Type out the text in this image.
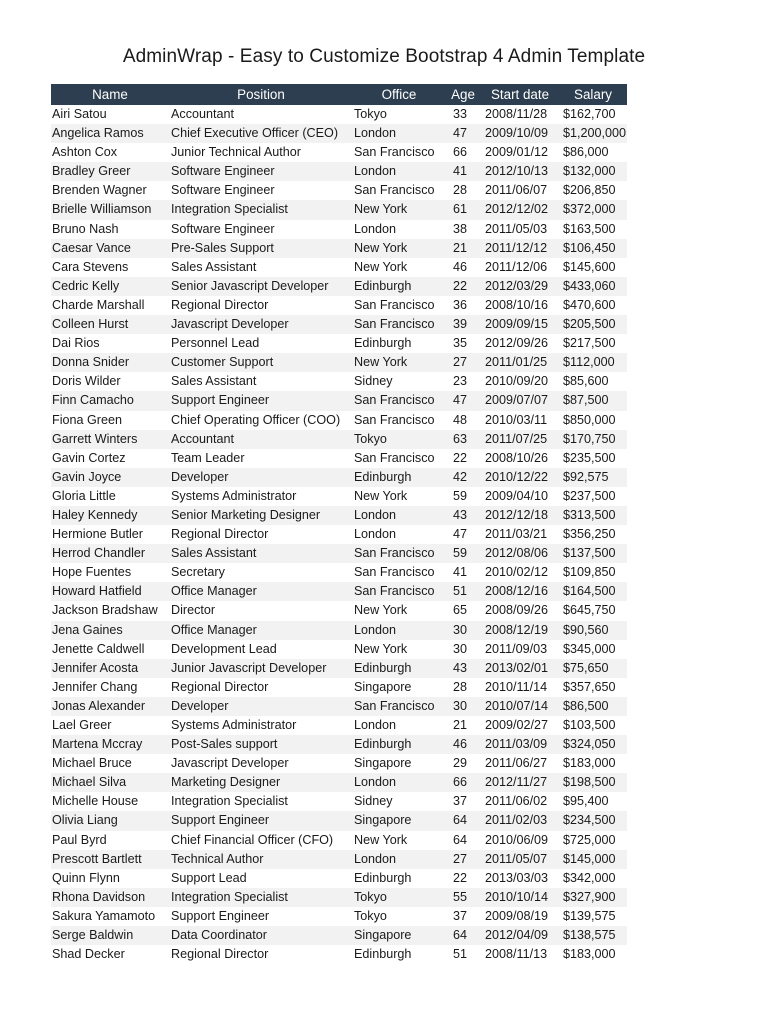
AdminWrap - Easy to Customize Bootstrap 4 Admin Template
Name	Position	Office	Age	Start date	Salary
Airi Satou	Accountant	Tokyo	33	2008/11/28	$162,700
Angelica Ramos	Chief Executive Officer (CEO)	London	47	2009/10/09	$1,200,000
Ashton Cox	Junior Technical Author	San Francisco	66	2009/01/12	$86,000
Bradley Greer	Software Engineer	London	41	2012/10/13	$132,000
Brenden Wagner	Software Engineer	San Francisco	28	2011/06/07	$206,850
Brielle Williamson	Integration Specialist	New York	61	2012/12/02	$372,000
Bruno Nash	Software Engineer	London	38	2011/05/03	$163,500
Caesar Vance	Pre-Sales Support	New York	21	2011/12/12	$106,450
Cara Stevens	Sales Assistant	New York	46	2011/12/06	$145,600
Cedric Kelly	Senior Javascript Developer	Edinburgh	22	2012/03/29	$433,060
Charde Marshall	Regional Director	San Francisco	36	2008/10/16	$470,600
Colleen Hurst	Javascript Developer	San Francisco	39	2009/09/15	$205,500
Dai Rios	Personnel Lead	Edinburgh	35	2012/09/26	$217,500
Donna Snider	Customer Support	New York	27	2011/01/25	$112,000
Doris Wilder	Sales Assistant	Sidney	23	2010/09/20	$85,600
Finn Camacho	Support Engineer	San Francisco	47	2009/07/07	$87,500
Fiona Green	Chief Operating Officer (COO)	San Francisco	48	2010/03/11	$850,000
Garrett Winters	Accountant	Tokyo	63	2011/07/25	$170,750
Gavin Cortez	Team Leader	San Francisco	22	2008/10/26	$235,500
Gavin Joyce	Developer	Edinburgh	42	2010/12/22	$92,575
Gloria Little	Systems Administrator	New York	59	2009/04/10	$237,500
Haley Kennedy	Senior Marketing Designer	London	43	2012/12/18	$313,500
Hermione Butler	Regional Director	London	47	2011/03/21	$356,250
Herrod Chandler	Sales Assistant	San Francisco	59	2012/08/06	$137,500
Hope Fuentes	Secretary	San Francisco	41	2010/02/12	$109,850
Howard Hatfield	Office Manager	San Francisco	51	2008/12/16	$164,500
Jackson Bradshaw	Director	New York	65	2008/09/26	$645,750
Jena Gaines	Office Manager	London	30	2008/12/19	$90,560
Jenette Caldwell	Development Lead	New York	30	2011/09/03	$345,000
Jennifer Acosta	Junior Javascript Developer	Edinburgh	43	2013/02/01	$75,650
Jennifer Chang	Regional Director	Singapore	28	2010/11/14	$357,650
Jonas Alexander	Developer	San Francisco	30	2010/07/14	$86,500
Lael Greer	Systems Administrator	London	21	2009/02/27	$103,500
Martena Mccray	Post-Sales support	Edinburgh	46	2011/03/09	$324,050
Michael Bruce	Javascript Developer	Singapore	29	2011/06/27	$183,000
Michael Silva	Marketing Designer	London	66	2012/11/27	$198,500
Michelle House	Integration Specialist	Sidney	37	2011/06/02	$95,400
Olivia Liang	Support Engineer	Singapore	64	2011/02/03	$234,500
Paul Byrd	Chief Financial Officer (CFO)	New York	64	2010/06/09	$725,000
Prescott Bartlett	Technical Author	London	27	2011/05/07	$145,000
Quinn Flynn	Support Lead	Edinburgh	22	2013/03/03	$342,000
Rhona Davidson	Integration Specialist	Tokyo	55	2010/10/14	$327,900
Sakura Yamamoto	Support Engineer	Tokyo	37	2009/08/19	$139,575
Serge Baldwin	Data Coordinator	Singapore	64	2012/04/09	$138,575
Shad Decker	Regional Director	Edinburgh	51	2008/11/13	$183,000
